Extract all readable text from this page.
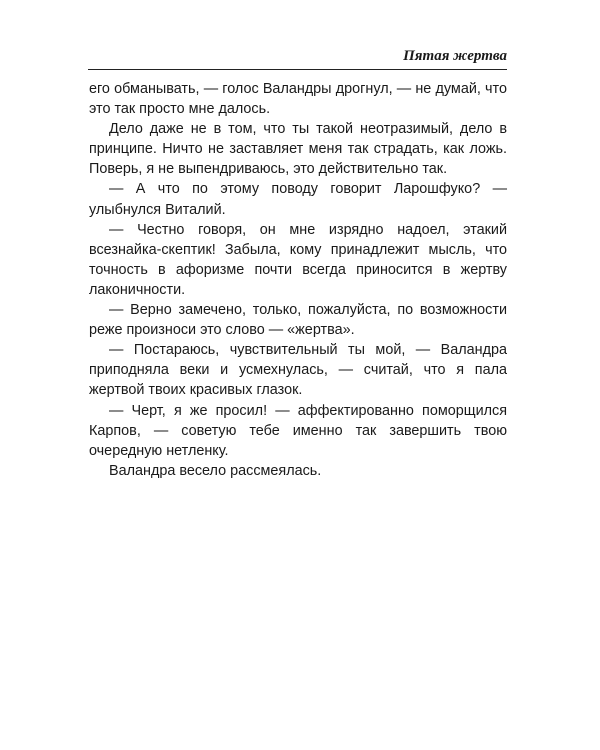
Пятая жертва

его обманывать, — голос Валандры дрогнул, — не думай, что это так просто мне далось.

Дело даже не в том, что ты такой неотразимый, дело в принципе. Ничто не заставляет меня так страдать, как ложь. Поверь, я не выпендриваюсь, это действительно так.

— А что по этому поводу говорит Ларошфуко? — улыбнулся Виталий.

— Честно говоря, он мне изрядно надоел, этакий всезнайка-скептик! Забыла, кому принадлежит мысль, что точность в афоризме почти всегда приносится в жертву лаконичности.

— Верно замечено, только, пожалуйста, по возможности реже произноси это слово — «жертва».

— Постараюсь, чувствительный ты мой, — Валандра приподняла веки и усмехнулась, — считай, что я пала жертвой твоих красивых глазок.

— Черт, я же просил! — аффектированно поморщился Карпов, — советую тебе именно так завершить твою очередную нетленку.

Валандра весело рассмеялась.
